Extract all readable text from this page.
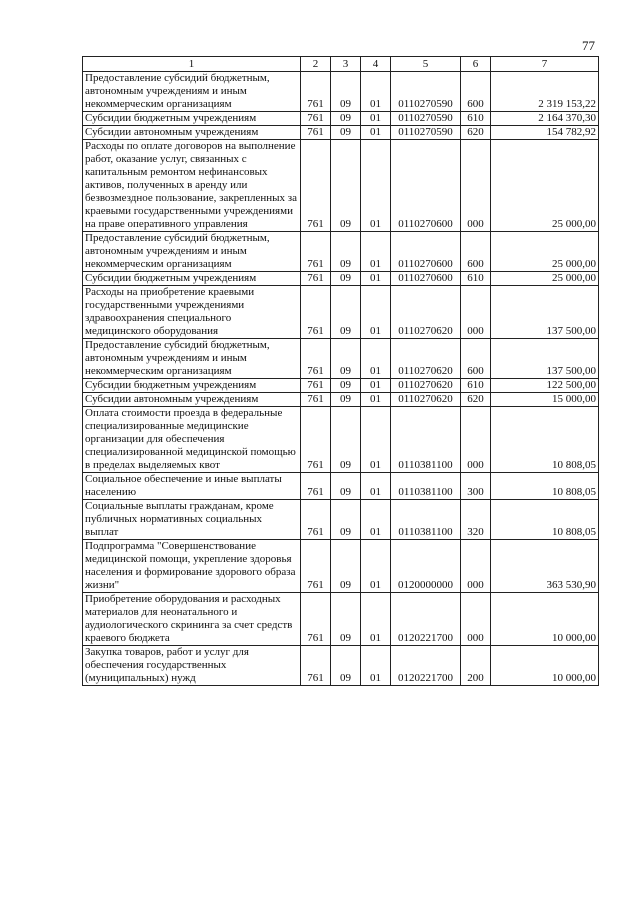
77
1	2	3	4	5	6	7
Предоставление субсидий бюджетным, автономным учреждениям и иным некоммерческим организациям	761	09	01	0110270590	600	2 319 153,22
Субсидии бюджетным учреждениям	761	09	01	0110270590	610	2 164 370,30
Субсидии автономным учреждениям	761	09	01	0110270590	620	154 782,92
Расходы по оплате договоров на выполнение работ, оказание услуг, связанных с капитальным ремонтом нефинансовых активов, полученных в аренду или безвозмездное пользование, закрепленных за краевыми государственными учреждениями на праве оперативного управления	761	09	01	0110270600	000	25 000,00
Предоставление субсидий бюджетным, автономным учреждениям и иным некоммерческим организациям	761	09	01	0110270600	600	25 000,00
Субсидии бюджетным учреждениям	761	09	01	0110270600	610	25 000,00
Расходы на приобретение краевыми государственными учреждениями здравоохранения специального медицинского оборудования	761	09	01	0110270620	000	137 500,00
Предоставление субсидий бюджетным, автономным учреждениям и иным некоммерческим организациям	761	09	01	0110270620	600	137 500,00
Субсидии бюджетным учреждениям	761	09	01	0110270620	610	122 500,00
Субсидии автономным учреждениям	761	09	01	0110270620	620	15 000,00
Оплата стоимости проезда в федеральные специализированные медицинские организации для обеспечения специализированной медицинской помощью в пределах выделяемых квот	761	09	01	0110381100	000	10 808,05
Социальное обеспечение и иные выплаты населению	761	09	01	0110381100	300	10 808,05
Социальные выплаты гражданам, кроме публичных нормативных социальных выплат	761	09	01	0110381100	320	10 808,05
Подпрограмма "Совершенствование медицинской помощи, укрепление здоровья населения и формирование здорового образа жизни"	761	09	01	0120000000	000	363 530,90
Приобретение оборудования и расходных материалов для неонатального и аудиологического скрининга за счет средств краевого бюджета	761	09	01	0120221700	000	10 000,00
Закупка товаров, работ и услуг для обеспечения государственных (муниципальных) нужд	761	09	01	0120221700	200	10 000,00
